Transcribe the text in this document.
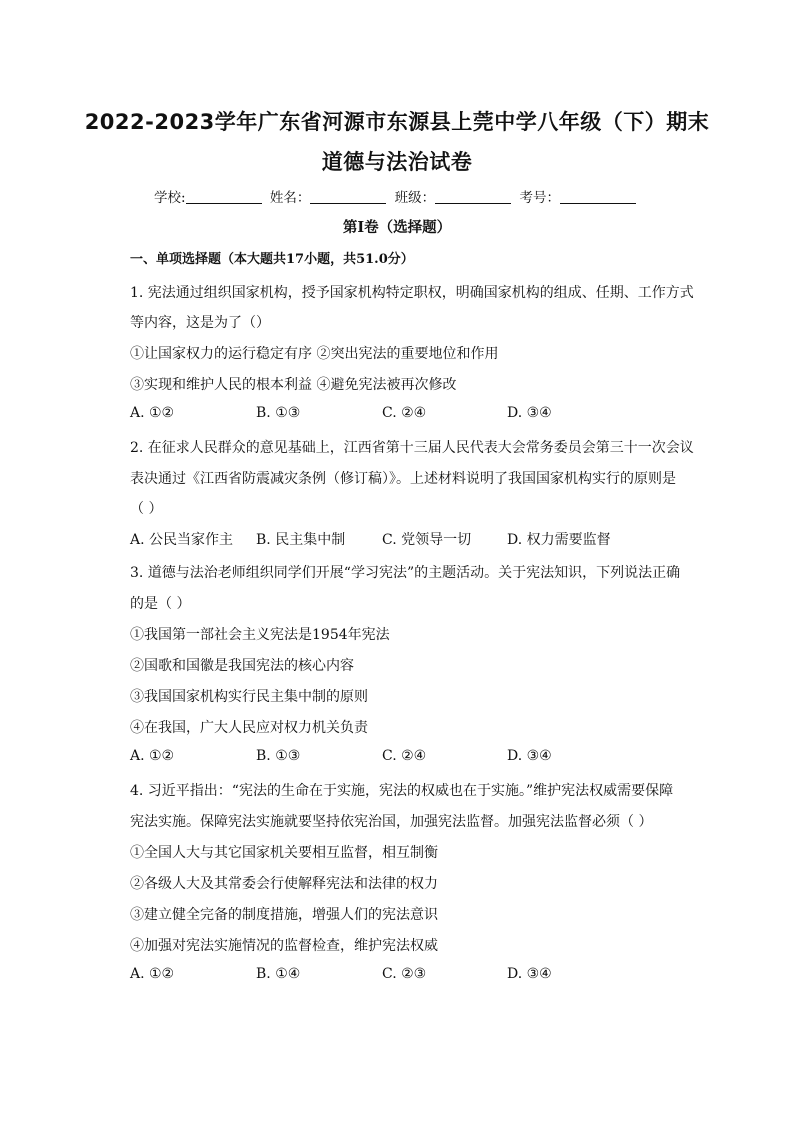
2022-2023学年广东省河源市东源县上莞中学八年级（下）期末
道德与法治试卷
学校:	姓名：	班级：	考号：
第I卷（选择题）
一、单项选择题（本大题共17小题，共51.0分）
1. 宪法通过组织国家机构，授予国家机构特定职权，明确国家机构的组成、任期、工作方式
等内容，这是为了（）
①让国家权力的运行稳定有序 ②突出宪法的重要地位和作用
③实现和维护人民的根本利益 ④避免宪法被再次修改
A. ①②	B. ①③	C. ②④	D. ③④
2. 在征求人民群众的意见基础上，江西省第十三届人民代表大会常务委员会第三十一次会议
表决通过《江西省防震减灾条例（修订稿）》。上述材料说明了我国国家机构实行的原则是
（ ）
A. 公民当家作主 B. 民主集中制	C. 党领导一切	D. 权力需要监督
3. 道德与法治老师组织同学们开展“学习宪法”的主题活动。关于宪法知识，下列说法正确
的是（ ）
①我国第一部社会主义宪法是1954年宪法
②国歌和国徽是我国宪法的核心内容
③我国国家机构实行民主集中制的原则
④在我国，广大人民应对权力机关负责
A. ①②	B. ①③	C. ②④	D. ③④
4. 习近平指出：“宪法的生命在于实施，宪法的权威也在于实施。”维护宪法权威需要保障
宪法实施。保障宪法实施就要坚持依宪治国，加强宪法监督。加强宪法监督必须（ ）
①全国人大与其它国家机关要相互监督，相互制衡
②各级人大及其常委会行使解释宪法和法律的权力
③建立健全完备的制度措施，增强人们的宪法意识
④加强对宪法实施情况的监督检查，维护宪法权威
A. ①②	B. ①④	C. ②③	D. ③④
